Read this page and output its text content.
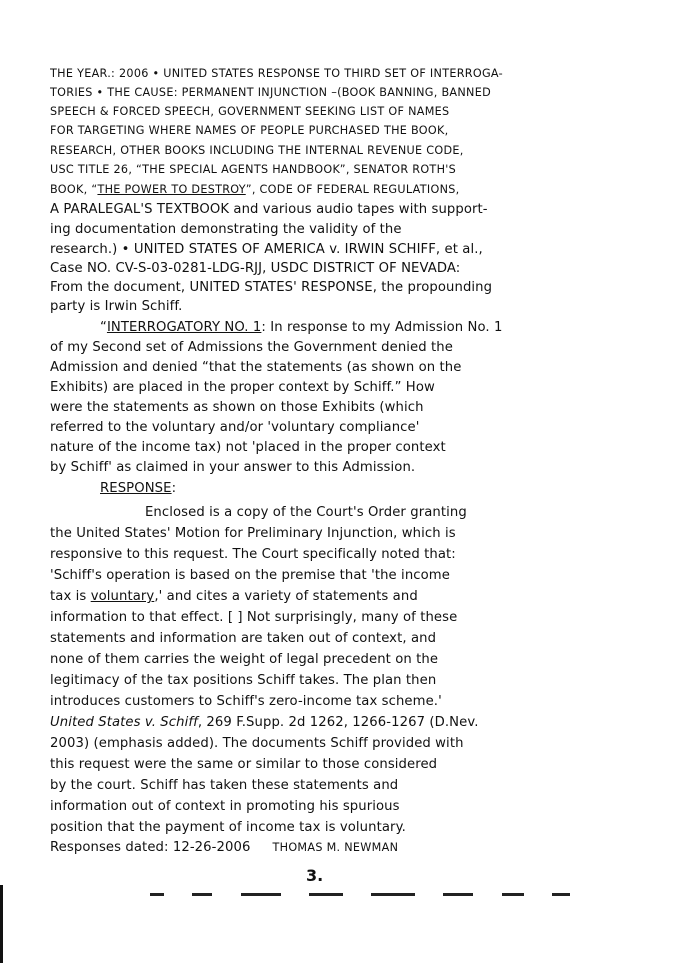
THE YEAR.: 2006 • UNITED STATES RESPONSE TO THIRD SET OF INTERROGA-
TORIES • THE CAUSE: PERMANENT INJUNCTION –(BOOK BANNING, BANNED
SPEECH & FORCED SPEECH, GOVERNMENT SEEKING LIST OF NAMES
FOR TARGETING WHERE NAMES OF PEOPLE PURCHASED THE BOOK,
RESEARCH, OTHER BOOKS INCLUDING THE INTERNAL REVENUE CODE,
USC TITLE 26, “THE SPECIAL AGENTS HANDBOOK”, SENATOR ROTH'S
BOOK, “THE POWER TO DESTROY”, CODE OF FEDERAL REGULATIONS,
A PARALEGAL'S TEXTBOOK and various audio tapes with support-
ing documentation demonstrating the validity of the
research.) • UNITED STATES OF AMERICA v. IRWIN SCHIFF, et al.,
Case NO. CV-S-03-0281-LDG-RJJ, USDC DISTRICT OF NEVADA:
From the document, UNITED STATES' RESPONSE, the propounding
party is Irwin Schiff.
“INTERROGATORY NO. 1: In response to my Admission No. 1
of my Second set of Admissions the Government denied the
Admission and denied “that the statements (as shown on the
Exhibits) are placed in the proper context by Schiff.” How
were the statements as shown on those Exhibits (which
referred to the voluntary and/or 'voluntary compliance'
nature of the income tax) not 'placed in the proper context
by Schiff' as claimed in your answer to this Admission.
RESPONSE:
Enclosed is a copy of the Court's Order granting
the United States' Motion for Preliminary Injunction, which is
responsive to this request. The Court specifically noted that:
'Schiff's operation is based on the premise that 'the income
tax is voluntary,' and cites a variety of statements and
information to that effect. [ ] Not surprisingly, many of these
statements and information are taken out of context, and
none of them carries the weight of legal precedent on the
legitimacy of the tax positions Schiff takes. The plan then
introduces customers to Schiff's zero-income tax scheme.'
United States v. Schiff, 269 F.Supp. 2d 1262, 1266-1267 (D.Nev.
2003) (emphasis added). The documents Schiff provided with
this request were the same or similar to those considered
by the court. Schiff has taken these statements and
information out of context in promoting his spurious
position that the payment of income tax is voluntary.
Responses dated: 12-26-2006 THOMAS M. NEWMAN
3.
